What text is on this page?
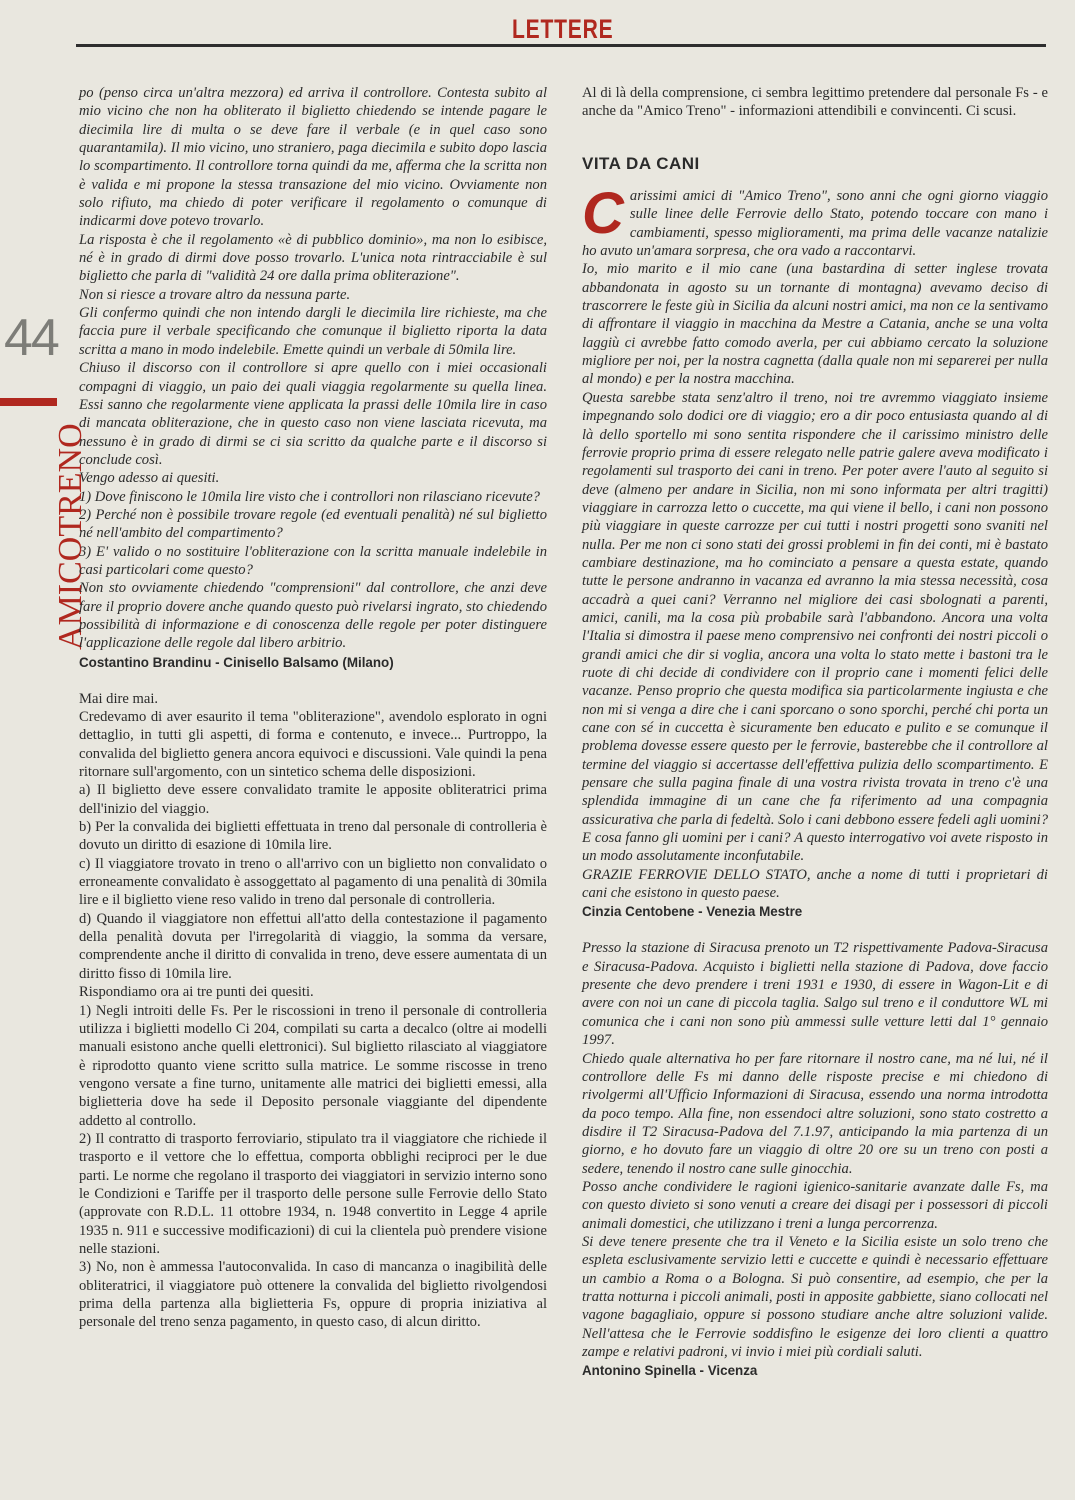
LETTERE
44
AMICOTRENO

po (penso circa un'altra mezzora) ed arriva il controllore. Contesta subito al mio vicino che non ha obliterato il biglietto chiedendo se intende pagare le diecimila lire di multa o se deve fare il verbale (e in quel caso sono quarantamila). Il mio vicino, uno straniero, paga diecimila e subito dopo lascia lo scompartimento. Il controllore torna quindi da me, afferma che la scritta non è valida e mi propone la stessa transazione del mio vicino. Ovviamente non solo rifiuto, ma chiedo di poter verificare il regolamento o comunque di indicarmi dove potevo trovarlo.

La risposta è che il regolamento «è di pubblico dominio», ma non lo esibisce, né è in grado di dirmi dove posso trovarlo. L'unica nota rintracciabile è sul biglietto che parla di "validità 24 ore dalla prima obliterazione".

Non si riesce a trovare altro da nessuna parte.

Gli confermo quindi che non intendo dargli le diecimila lire richieste, ma che faccia pure il verbale specificando che comunque il biglietto riporta la data scritta a mano in modo indelebile. Emette quindi un verbale di 50mila lire.

Chiuso il discorso con il controllore si apre quello con i miei occasionali compagni di viaggio, un paio dei quali viaggia regolarmente su quella linea. Essi sanno che regolarmente viene applicata la prassi delle 10mila lire in caso di mancata obliterazione, che in questo caso non viene lasciata ricevuta, ma nessuno è in grado di dirmi se ci sia scritto da qualche parte e il discorso si conclude così.

Vengo adesso ai quesiti.

1) Dove finiscono le 10mila lire visto che i controllori non rilasciano ricevute?

2) Perché non è possibile trovare regole (ed eventuali penalità) né sul biglietto né nell'ambito del compartimento?

3) E' valido o no sostituire l'obliterazione con la scritta manuale indelebile in casi particolari come questo?

Non sto ovviamente chiedendo "comprensioni" dal controllore, che anzi deve fare il proprio dovere anche quando questo può rivelarsi ingrato, sto chiedendo possibilità di informazione e di conoscenza delle regole per poter distinguere l'applicazione delle regole dal libero arbitrio.

Costantino Brandinu - Cinisello Balsamo (Milano)

Mai dire mai.

Credevamo di aver esaurito il tema "obliterazione", avendolo esplorato in ogni dettaglio, in tutti gli aspetti, di forma e contenuto, e invece... Purtroppo, la convalida del biglietto genera ancora equivoci e discussioni. Vale quindi la pena ritornare sull'argomento, con un sintetico schema delle disposizioni.

a) Il biglietto deve essere convalidato tramite le apposite obliteratrici prima dell'inizio del viaggio.

b) Per la convalida dei biglietti effettuata in treno dal personale di controlleria è dovuto un diritto di esazione di 10mila lire.

c) Il viaggiatore trovato in treno o all'arrivo con un biglietto non convalidato o erroneamente convalidato è assoggettato al pagamento di una penalità di 30mila lire e il biglietto viene reso valido in treno dal personale di controlleria.

d) Quando il viaggiatore non effettui all'atto della contestazione il pagamento della penalità dovuta per l'irregolarità di viaggio, la somma da versare, comprendente anche il diritto di convalida in treno, deve essere aumentata di un diritto fisso di 10mila lire.

Rispondiamo ora ai tre punti dei quesiti.

1) Negli introiti delle Fs. Per le riscossioni in treno il personale di controlleria utilizza i biglietti modello Ci 204, compilati su carta a decalco (oltre ai modelli manuali esistono anche quelli elettronici). Sul biglietto rilasciato al viaggiatore è riprodotto quanto viene scritto sulla matrice. Le somme riscosse in treno vengono versate a fine turno, unitamente alle matrici dei biglietti emessi, alla biglietteria dove ha sede il Deposito personale viaggiante del dipendente addetto al controllo.

2) Il contratto di trasporto ferroviario, stipulato tra il viaggiatore che richiede il trasporto e il vettore che lo effettua, comporta obblighi reciproci per le due parti. Le norme che regolano il trasporto dei viaggiatori in servizio interno sono le Condizioni e Tariffe per il trasporto delle persone sulle Ferrovie dello Stato (approvate con R.D.L. 11 ottobre 1934, n. 1948 convertito in Legge 4 aprile 1935 n. 911 e successive modificazioni) di cui la clientela può prendere visione nelle stazioni.

3) No, non è ammessa l'autoconvalida. In caso di mancanza o inagibilità delle obliteratrici, il viaggiatore può ottenere la convalida del biglietto rivolgendosi prima della partenza alla biglietteria Fs, oppure di propria iniziativa al personale del treno senza pagamento, in questo caso, di alcun diritto.

Al di là della comprensione, ci sembra legittimo pretendere dal personale Fs - e anche da "Amico Treno" - informazioni attendibili e convincenti. Ci scusi.

VITA DA CANI

Carissimi amici di "Amico Treno", sono anni che ogni giorno viaggio sulle linee delle Ferrovie dello Stato, potendo toccare con mano i cambiamenti, spesso miglioramenti, ma prima delle vacanze natalizie ho avuto un'amara sorpresa, che ora vado a raccontarvi.

Io, mio marito e il mio cane (una bastardina di setter inglese trovata abbandonata in agosto su un tornante di montagna) avevamo deciso di trascorrere le feste giù in Sicilia da alcuni nostri amici, ma non ce la sentivamo di affrontare il viaggio in macchina da Mestre a Catania, anche se una volta laggiù ci avrebbe fatto comodo averla, per cui abbiamo cercato la soluzione migliore per noi, per la nostra cagnetta (dalla quale non mi separerei per nulla al mondo) e per la nostra macchina.

Questa sarebbe stata senz'altro il treno, noi tre avremmo viaggiato insieme impegnando solo dodici ore di viaggio; ero a dir poco entusiasta quando al di là dello sportello mi sono sentita rispondere che il carissimo ministro delle ferrovie proprio prima di essere relegato nelle patrie galere aveva modificato i regolamenti sul trasporto dei cani in treno. Per poter avere l'auto al seguito si deve (almeno per andare in Sicilia, non mi sono informata per altri tragitti) viaggiare in carrozza letto o cuccette, ma qui viene il bello, i cani non possono più viaggiare in queste carrozze per cui tutti i nostri progetti sono svaniti nel nulla. Per me non ci sono stati dei grossi problemi in fin dei conti, mi è bastato cambiare destinazione, ma ho cominciato a pensare a questa estate, quando tutte le persone andranno in vacanza ed avranno la mia stessa necessità, cosa accadrà a quei cani? Verranno nel migliore dei casi sbolognati a parenti, amici, canili, ma la cosa più probabile sarà l'abbandono. Ancora una volta l'Italia si dimostra il paese meno comprensivo nei confronti dei nostri piccoli o grandi amici che dir si voglia, ancora una volta lo stato mette i bastoni tra le ruote di chi decide di condividere con il proprio cane i momenti felici delle vacanze. Penso proprio che questa modifica sia particolarmente ingiusta e che non mi si venga a dire che i cani sporcano o sono sporchi, perché chi porta un cane con sé in cuccetta è sicuramente ben educato e pulito e se comunque il problema dovesse essere questo per le ferrovie, basterebbe che il controllore al termine del viaggio si accertasse dell'effettiva pulizia dello scompartimento. E pensare che sulla pagina finale di una vostra rivista trovata in treno c'è una splendida immagine di un cane che fa riferimento ad una compagnia assicurativa che parla di fedeltà. Solo i cani debbono essere fedeli agli uomini? E cosa fanno gli uomini per i cani? A questo interrogativo voi avete risposto in un modo assolutamente inconfutabile.

GRAZIE FERROVIE DELLO STATO, anche a nome di tutti i proprietari di cani che esistono in questo paese.

Cinzia Centobene - Venezia Mestre

Presso la stazione di Siracusa prenoto un T2 rispettivamente Padova-Siracusa e Siracusa-Padova. Acquisto i biglietti nella stazione di Padova, dove faccio presente che devo prendere i treni 1931 e 1930, di essere in Wagon-Lit e di avere con noi un cane di piccola taglia. Salgo sul treno e il conduttore WL mi comunica che i cani non sono più ammessi sulle vetture letti dal 1° gennaio 1997.

Chiedo quale alternativa ho per fare ritornare il nostro cane, ma né lui, né il controllore delle Fs mi danno delle risposte precise e mi chiedono di rivolgermi all'Ufficio Informazioni di Siracusa, essendo una norma introdotta da poco tempo. Alla fine, non essendoci altre soluzioni, sono stato costretto a disdire il T2 Siracusa-Padova del 7.1.97, anticipando la mia partenza di un giorno, e ho dovuto fare un viaggio di oltre 20 ore su un treno con posti a sedere, tenendo il nostro cane sulle ginocchia.

Posso anche condividere le ragioni igienico-sanitarie avanzate dalle Fs, ma con questo divieto si sono venuti a creare dei disagi per i possessori di piccoli animali domestici, che utilizzano i treni a lunga percorrenza.

Si deve tenere presente che tra il Veneto e la Sicilia esiste un solo treno che espleta esclusivamente servizio letti e cuccette e quindi è necessario effettuare un cambio a Roma o a Bologna. Si può consentire, ad esempio, che per la tratta notturna i piccoli animali, posti in apposite gabbiette, siano collocati nel vagone bagagliaio, oppure si possono studiare anche altre soluzioni valide. Nell'attesa che le Ferrovie soddisfino le esigenze dei loro clienti a quattro zampe e relativi padroni, vi invio i miei più cordiali saluti.

Antonino Spinella - Vicenza
